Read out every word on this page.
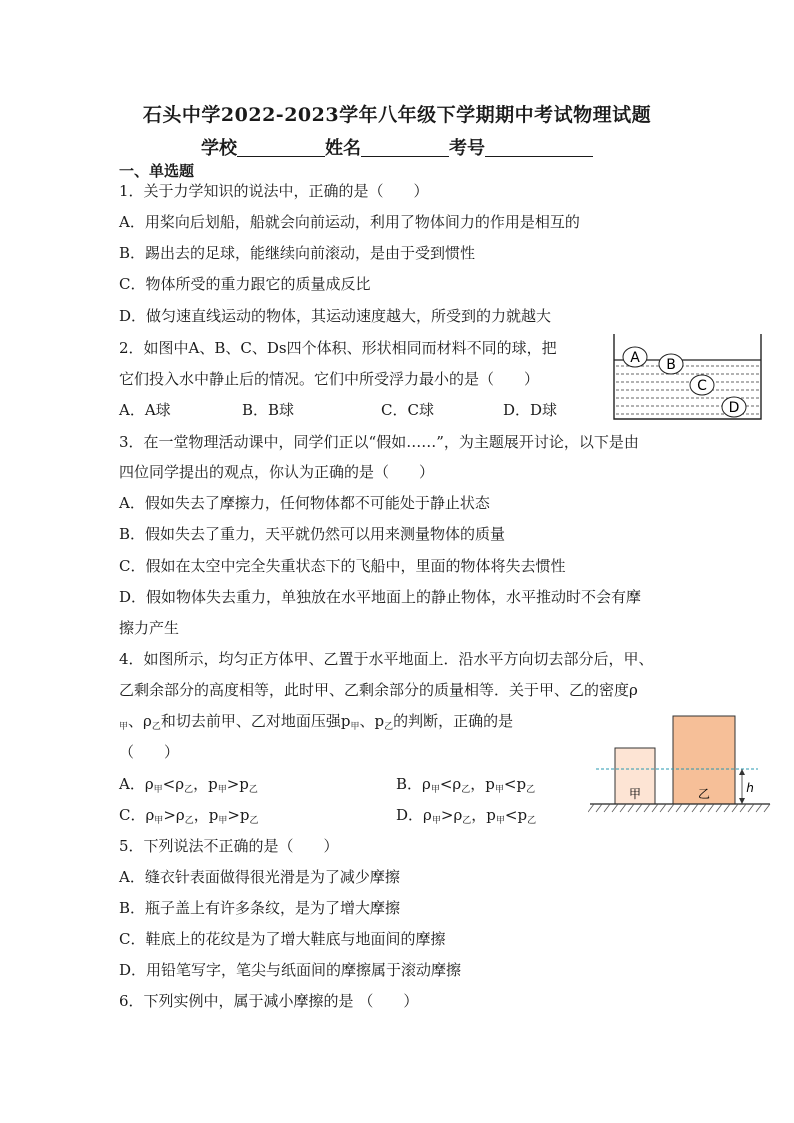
石头中学2022-2023学年八年级下学期期中考试物理试题
学校	姓名	考号
一、单选题
1．关于力学知识的说法中，正确的是（　　）
A．用桨向后划船，船就会向前运动，利用了物体间力的作用是相互的
B．踢出去的足球，能继续向前滚动，是由于受到惯性
C．物体所受的重力跟它的质量成反比
D．做匀速直线运动的物体，其运动速度越大，所受到的力就越大
2．如图中A、B、C、Ds四个体积、形状相同而材料不同的球，把
它们投入水中静止后的情况。它们中所受浮力最小的是（　　）
A．A球	B．B球	C．C球	D．D球
A B
C
D
3．在一堂物理活动课中，同学们正以“假如……”，为主题展开讨论，以下是由
四位同学提出的观点，你认为正确的是（　　）
A．假如失去了摩擦力，任何物体都不可能处于静止状态
B．假如失去了重力，天平就仍然可以用来测量物体的质量
C．假如在太空中完全失重状态下的飞船中，里面的物体将失去惯性
D．假如物体失去重力，单独放在水平地面上的静止物体，水平推动时不会有摩
擦力产生
4．如图所示，均匀正方体甲、乙置于水平地面上．沿水平方向切去部分后，甲、
乙剩余部分的高度相等，此时甲、乙剩余部分的质量相等．关于甲、乙的密度ρ
$_甲$、$\rho_乙$和切去前甲、乙对地面压强$p_甲$、$p_乙$的判断，正确的是
（　　）
A．$\rho_甲<\rho_乙$，$p_甲>p_乙$	B．$\rho_甲<\rho_乙$，$p_甲<p_乙$
C．$\rho_甲>\rho_乙$，$p_甲>p_乙$	D．$\rho_甲>\rho_乙$，$p_甲<p_乙$
甲	乙	h
5．下列说法不正确的是（　　）
A．缝衣针表面做得很光滑是为了减少摩擦
B．瓶子盖上有许多条纹，是为了增大摩擦
C．鞋底上的花纹是为了增大鞋底与地面间的摩擦
D．用铅笔写字，笔尖与纸面间的摩擦属于滚动摩擦
6．下列实例中，属于减小摩擦的是 （　　）
